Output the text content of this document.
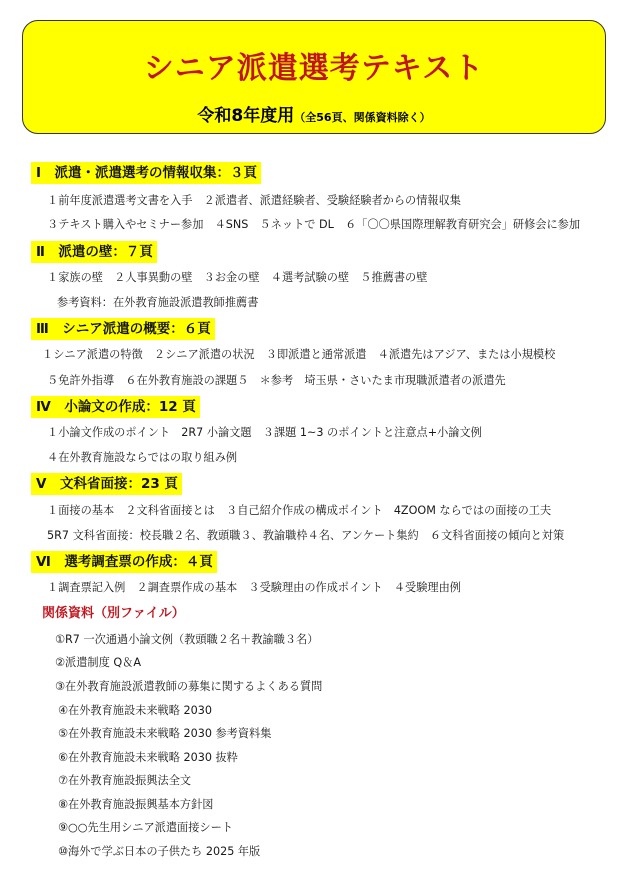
シニア派遣選考テキスト
令和8年度用（全56頁、関係資料除く）
Ⅰ　派遣・派遣選考の情報収集：３頁
１前年度派遣選考文書を入手　２派遣者、派遣経験者、受験経験者からの情報収集
３テキスト購入やセミナー参加　４SNS　５ネットで DL　６「〇〇県国際理解教育研究会」研修会に参加
Ⅱ　派遣の壁：７頁
１家族の壁　２人事異動の壁　３お金の壁　４選考試験の壁　５推薦書の壁
参考資料：在外教育施設派遣教師推薦書
Ⅲ　シニア派遣の概要：６頁
１シニア派遣の特徴　２シニア派遣の状況　３即派遣と通常派遣　４派遣先はアジア、または小規模校
５免許外指導　６在外教育施設の課題５　＊参考　埼玉県・さいたま市現職派遣者の派遣先
Ⅳ　小論文の作成：12 頁
１小論文作成のポイント　2R7 小論文題　３課題 1~3 のポイントと注意点+小論文例
４在外教育施設ならではの取り組み例
Ⅴ　文科省面接：23 頁
１面接の基本　２文科省面接とは　３自己紹介作成の構成ポイント　4ZOOM ならではの面接の工夫
5R7 文科省面接：校長職２名、教頭職３、教諭職枠４名、アンケート集約　６文科省面接の傾向と対策
Ⅵ　選考調査票の作成：４頁
１調査票記入例　２調査票作成の基本　３受験理由の作成ポイント　４受験理由例
関係資料（別ファイル）
①R7 一次通過小論文例（教頭職２名＋教諭職３名）
②派遣制度 Q＆A
③在外教育施設派遣教師の募集に関するよくある質問
④在外教育施設未来戦略 2030
⑤在外教育施設未来戦略 2030 参考資料集
⑥在外教育施設未来戦略 2030 抜粋
⑦在外教育施設振興法全文
⑧在外教育施設振興基本方針図
⑨○○先生用シニア派遣面接シート
⑩海外で学ぶ日本の子供たち 2025 年版
